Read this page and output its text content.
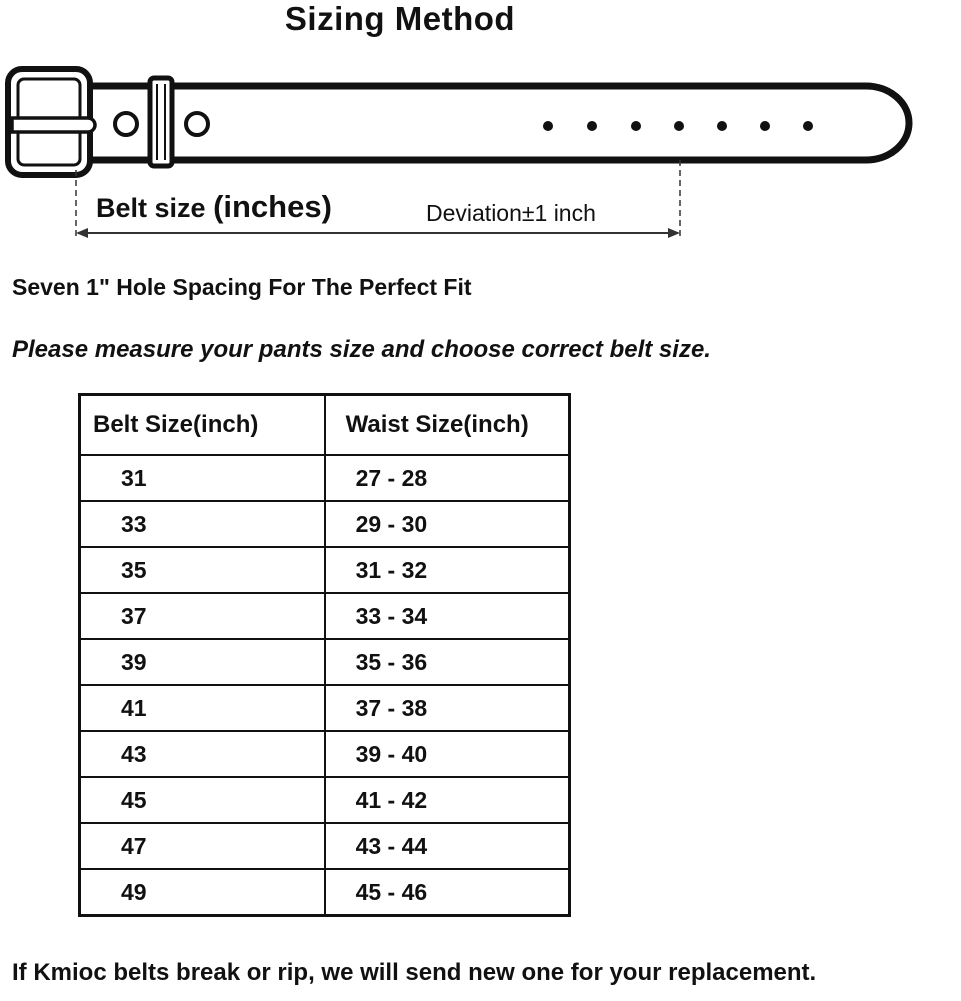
Sizing Method
Belt size (inches)	Deviation±1 inch
Seven 1" Hole Spacing For The Perfect Fit
Please measure your pants size and choose correct belt size.
Belt Size(inch)	Waist Size(inch)
31	27 - 28
33	29 - 30
35	31 - 32
37	33 - 34
39	35 - 36
41	37 - 38
43	39 - 40
45	41 - 42
47	43 - 44
49	45 - 46
If Kmioc belts break or rip, we will send new one for your replacement.
